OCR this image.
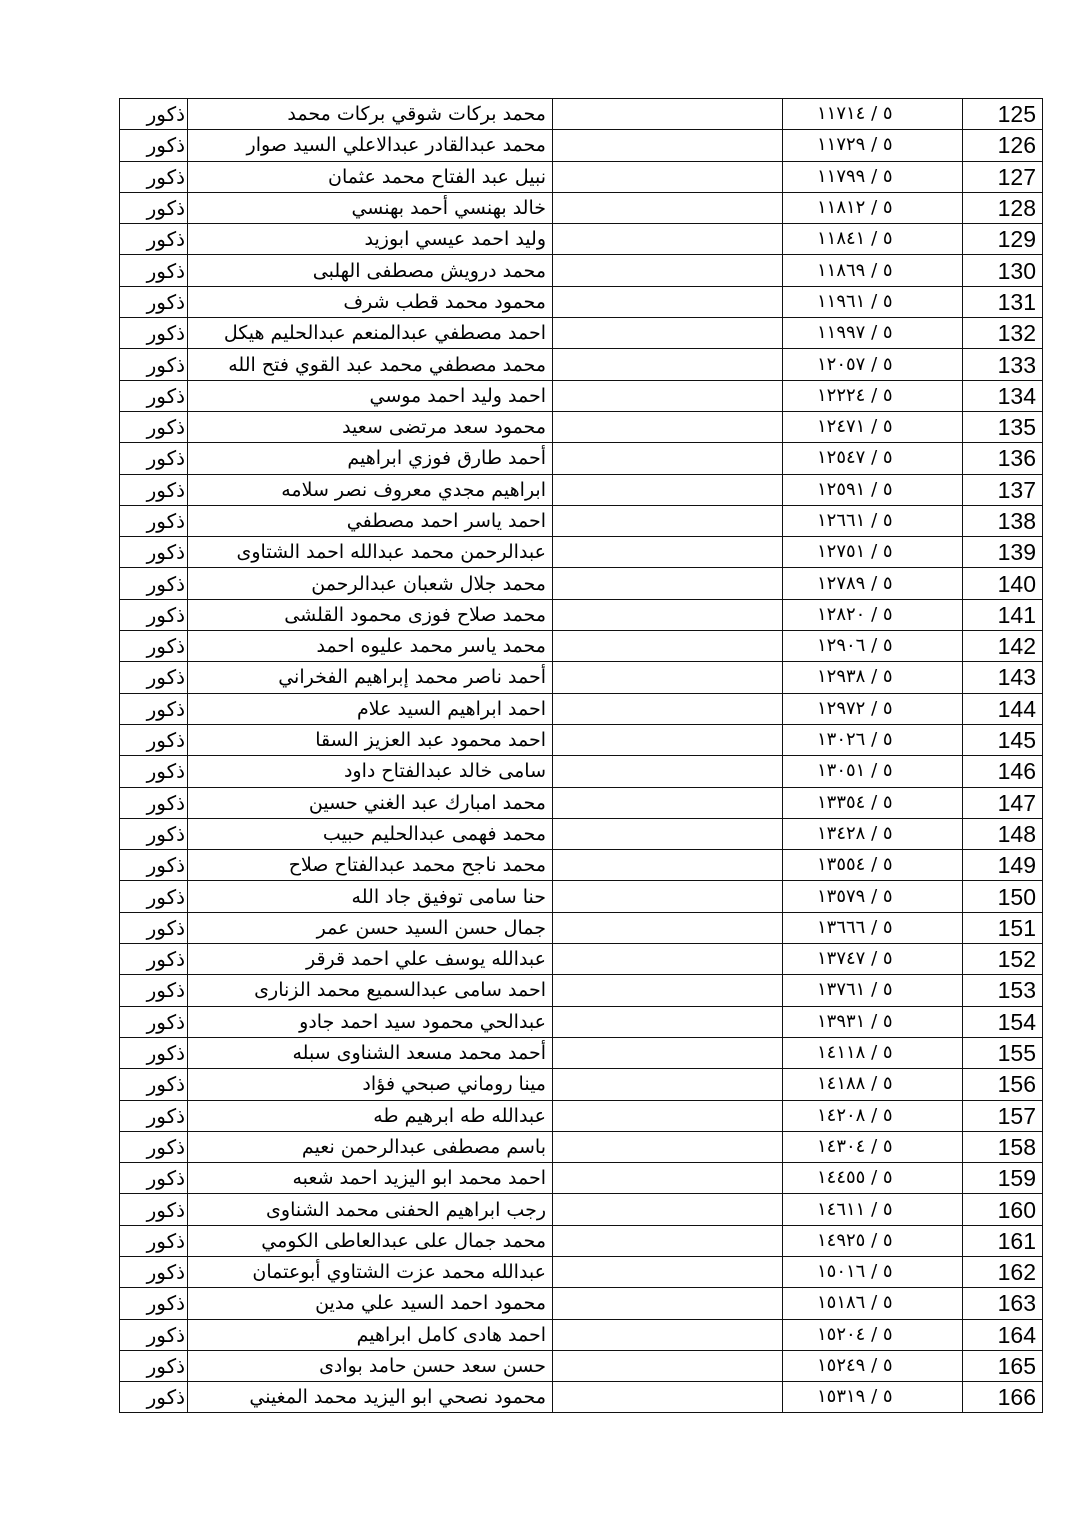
ذكور	محمد بركات شوقي بركات محمد		٥ / ١١٧١٤	125
ذكور	محمد عبدالقادر عبدالاعلي السيد صوار		٥ / ١١٧٢٩	126
ذكور	نبيل عبد الفتاح محمد عثمان		٥ / ١١٧٩٩	127
ذكور	خالد بهنسي أحمد بهنسي		٥ / ١١٨١٢	128
ذكور	وليد احمد عيسي ابوزيد		٥ / ١١٨٤١	129
ذكور	محمد درويش مصطفى الهلبى		٥ / ١١٨٦٩	130
ذكور	محمود محمد قطب شرف		٥ / ١١٩٦١	131
ذكور	احمد مصطفي عبدالمنعم عبدالحليم هيكل		٥ / ١١٩٩٧	132
ذكور	محمد مصطفي محمد عبد القوي فتح الله		٥ / ١٢٠٥٧	133
ذكور	احمد وليد احمد موسي		٥ / ١٢٢٢٤	134
ذكور	محمود سعد مرتضى سعيد		٥ / ١٢٤٧١	135
ذكور	أحمد طارق فوزي ابراهيم		٥ / ١٢٥٤٧	136
ذكور	ابراهيم مجدي معروف نصر سلامه		٥ / ١٢٥٩١	137
ذكور	احمد ياسر احمد مصطفي		٥ / ١٢٦٦١	138
ذكور	عبدالرحمن محمد عبدالله احمد الشتاوى		٥ / ١٢٧٥١	139
ذكور	محمد جلال شعبان عبدالرحمن		٥ / ١٢٧٨٩	140
ذكور	محمد صلاح فوزى محمود القلشى		٥ / ١٢٨٢٠	141
ذكور	محمد ياسر محمد عليوه احمد		٥ / ١٢٩٠٦	142
ذكور	أحمد ناصر محمد إبراهيم الفخراني		٥ / ١٢٩٣٨	143
ذكور	احمد ابراهيم السيد علام		٥ / ١٢٩٧٢	144
ذكور	احمد محمود عبد العزيز السقا		٥ / ١٣٠٢٦	145
ذكور	سامى خالد عبدالفتاح داود		٥ / ١٣٠٥١	146
ذكور	محمد امبارك عبد الغني حسين		٥ / ١٣٣٥٤	147
ذكور	محمد فهمى عبدالحليم حبيب		٥ / ١٣٤٢٨	148
ذكور	محمد ناجح محمد عبدالفتاح صلاح		٥ / ١٣٥٥٤	149
ذكور	حنا سامى توفيق جاد الله		٥ / ١٣٥٧٩	150
ذكور	جمال حسن السيد حسن عمر		٥ / ١٣٦٦٦	151
ذكور	عبدالله يوسف علي احمد قرقر		٥ / ١٣٧٤٧	152
ذكور	احمد سامى عبدالسميع محمد الزنارى		٥ / ١٣٧٦١	153
ذكور	عبدالحي محمود سيد احمد جادو		٥ / ١٣٩٣١	154
ذكور	أحمد محمد مسعد الشناوى سبله		٥ / ١٤١١٨	155
ذكور	مينا روماني صبحي فؤاد		٥ / ١٤١٨٨	156
ذكور	عبدالله طه ابرهيم طه		٥ / ١٤٢٠٨	157
ذكور	باسم مصطفى عبدالرحمن نعيم		٥ / ١٤٣٠٤	158
ذكور	احمد محمد ابو اليزيد احمد شعبه		٥ / ١٤٤٥٥	159
ذكور	رجب ابراهيم الحفنى محمد الشناوى		٥ / ١٤٦١١	160
ذكور	محمد جمال على عبدالعاطى الكومي		٥ / ١٤٩٢٥	161
ذكور	عبدالله محمد عزت الشتاوي أبوعتمان		٥ / ١٥٠١٦	162
ذكور	محمود احمد السيد علي مدين		٥ / ١٥١٨٦	163
ذكور	احمد هادى كامل ابراهيم		٥ / ١٥٢٠٤	164
ذكور	حسن سعد حسن حامد بوادى		٥ / ١٥٢٤٩	165
ذكور	محمود نصحي ابو اليزيد محمد المغيني		٥ / ١٥٣١٩	166
